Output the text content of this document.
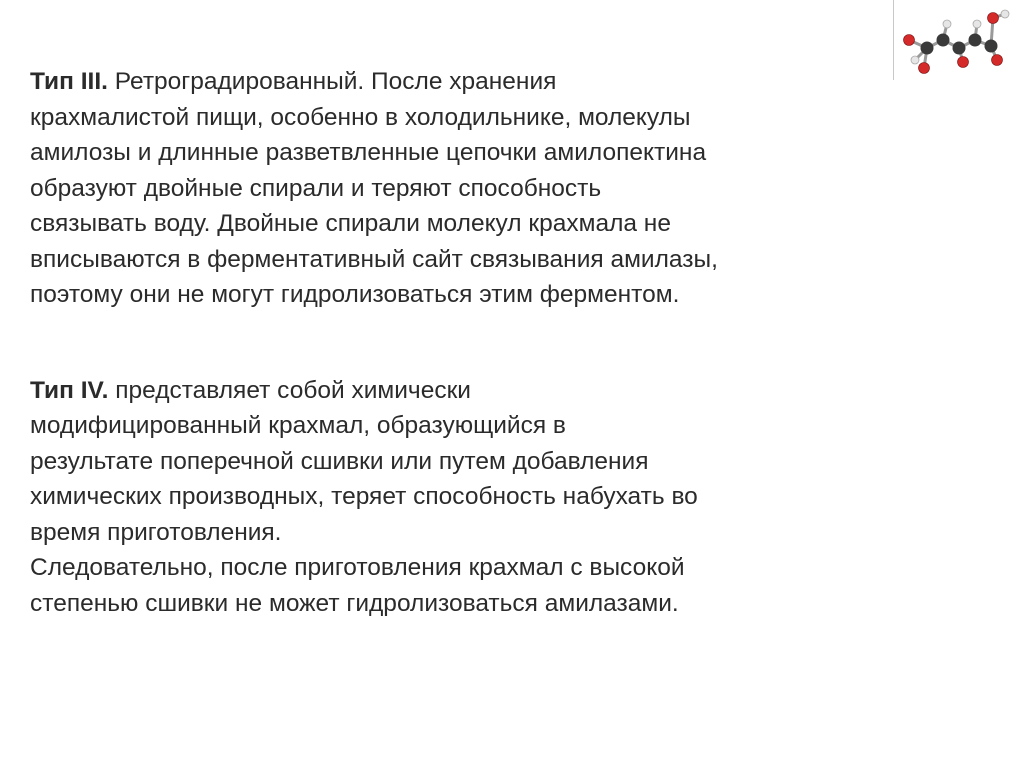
Тип III. Ретроградированный. После хранения
крахмалистой пищи, особенно в холодильнике, молекулы
амилозы и длинные разветвленные цепочки амилопектина
образуют двойные спирали и теряют способность
связывать воду. Двойные спирали молекул крахмала не
вписываются в ферментативный сайт связывания амилазы,
поэтому они не могут гидролизоваться этим ферментом.

Тип IV. представляет собой химически
модифицированный крахмал, образующийся в
результате поперечной сшивки или путем добавления
химических производных, теряет способность набухать во
время приготовления.
Следовательно, после приготовления крахмал с высокой
степенью сшивки не может гидролизоваться амилазами.
